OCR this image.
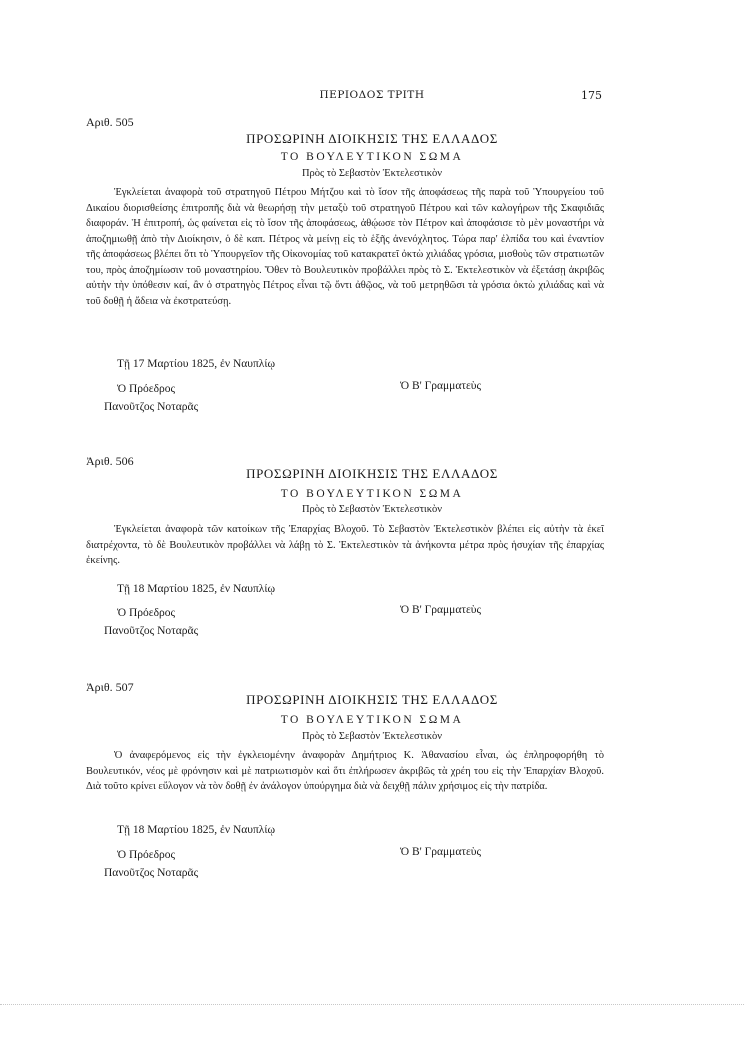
ΠΕΡΙΟΔΟΣ ΤΡΙΤΗ	175
Αριθ. 505
ΠΡΟΣΩΡΙΝΗ ΔΙΟΙΚΗΣΙΣ ΤΗΣ ΕΛΛΑΔΟΣ
ΤΟ ΒΟΥΛΕΥΤΙΚΟΝ ΣΩΜΑ
Πρὸς τὸ Σεβαστὸν Ἐκτελεστικὸν

Ἐγκλείεται ἀναφορὰ τοῦ στρατηγοῦ Πέτρου Μήτζου καὶ τὸ ἴσον τῆς ἀποφάσεως τῆς παρὰ τοῦ Ὑπουργείου τοῦ Δικαίου διορισθείσης ἐπιτροπῆς διὰ νὰ θεωρήσῃ τὴν μεταξὺ τοῦ στρατηγοῦ Πέτρου καὶ τῶν καλογήρων τῆς Σκαφιδιᾶς διαφοράν. Ἡ ἐπιτροπή, ὡς φαίνεται εἰς τὸ ἴσον τῆς ἀποφάσεως, ἀθῴωσε τὸν Πέτρον καὶ ἀποφάσισε τὸ μὲν μοναστήρι νὰ ἀποζημιωθῇ ἀπὸ τὴν Διοίκησιν, ὁ δὲ καπ. Πέτρος νὰ μείνῃ εἰς τὸ ἑξῆς ἀνενόχλητος. Τώρα παρ' ἐλπίδα του καὶ ἐναντίον τῆς ἀποφάσεως βλέπει ὅτι τὸ Ὑπουργεῖον τῆς Οἰκονομίας τοῦ κατακρατεῖ ὀκτὼ χιλιάδας γρόσια, μισθοὺς τῶν στρατιωτῶν του, πρὸς ἀποζημίωσιν τοῦ μοναστηρίου. Ὅθεν τὸ Βουλευτικὸν προβάλλει πρὸς τὸ Σ. Ἐκτελεστικὸν νὰ ἐξετάσῃ ἀκριβῶς αὐτὴν τὴν ὑπόθεσιν καί, ἂν ὁ στρατηγὸς Πέτρος εἶναι τῷ ὄντι ἀθῷος, νὰ τοῦ μετρηθῶσι τὰ γρόσια ὀκτὼ χιλιάδας καὶ νὰ τοῦ δοθῇ ἡ ἄδεια νὰ ἐκστρατεύσῃ.

Τῇ 17 Μαρτίου 1825, ἐν Ναυπλίῳ
Ὁ Πρόεδρος
Πανοῦτζος Νοταρᾶς
Ὁ Β' Γραμματεὺς
Ἀριθ. 506
ΠΡΟΣΩΡΙΝΗ ΔΙΟΙΚΗΣΙΣ ΤΗΣ ΕΛΛΑΔΟΣ
ΤΟ ΒΟΥΛΕΥΤΙΚΟΝ ΣΩΜΑ
Πρὸς τὸ Σεβαστὸν Ἐκτελεστικὸν

Ἐγκλείεται ἀναφορὰ τῶν κατοίκων τῆς Ἐπαρχίας Βλοχοῦ. Τὸ Σεβαστὸν Ἐκτελεστικὸν βλέπει εἰς αὐτὴν τὰ ἐκεῖ διατρέχοντα, τὸ δὲ Βουλευτικὸν προβάλλει νὰ λάβῃ τὸ Σ. Ἐκτελεστικὸν τὰ ἀνήκοντα μέτρα πρὸς ἡσυχίαν τῆς ἐπαρχίας ἐκείνης.

Τῇ 18 Μαρτίου 1825, ἐν Ναυπλίῳ
Ὁ Πρόεδρος
Πανοῦτζος Νοταρᾶς
Ὁ Β' Γραμματεὺς
Ἀριθ. 507
ΠΡΟΣΩΡΙΝΗ ΔΙΟΙΚΗΣΙΣ ΤΗΣ ΕΛΛΑΔΟΣ
ΤΟ ΒΟΥΛΕΥΤΙΚΟΝ ΣΩΜΑ
Πρὸς τὸ Σεβαστὸν Ἐκτελεστικὸν

Ὁ ἀναφερόμενος εἰς τὴν ἐγκλειομένην ἀναφορὰν Δημήτριος Κ. Ἀθανασίου εἶναι, ὡς ἐπληροφορήθη τὸ Βουλευτικόν, νέος μὲ φρόνησιν καὶ μὲ πατριωτισμὸν καὶ ὅτι ἐπλήρωσεν ἀκριβῶς τὰ χρέη του εἰς τὴν Ἐπαρχίαν Βλοχοῦ. Διὰ τοῦτο κρίνει εὔλογον νὰ τὸν δοθῇ ἐν ἀνάλογον ὑπούργημα διὰ νὰ δειχθῇ πάλιν χρήσιμος εἰς τὴν πατρίδα.

Τῇ 18 Μαρτίου 1825, ἐν Ναυπλίῳ
Ὁ Πρόεδρος
Πανοῦτζος Νοταρᾶς
Ὁ Β' Γραμματεὺς
